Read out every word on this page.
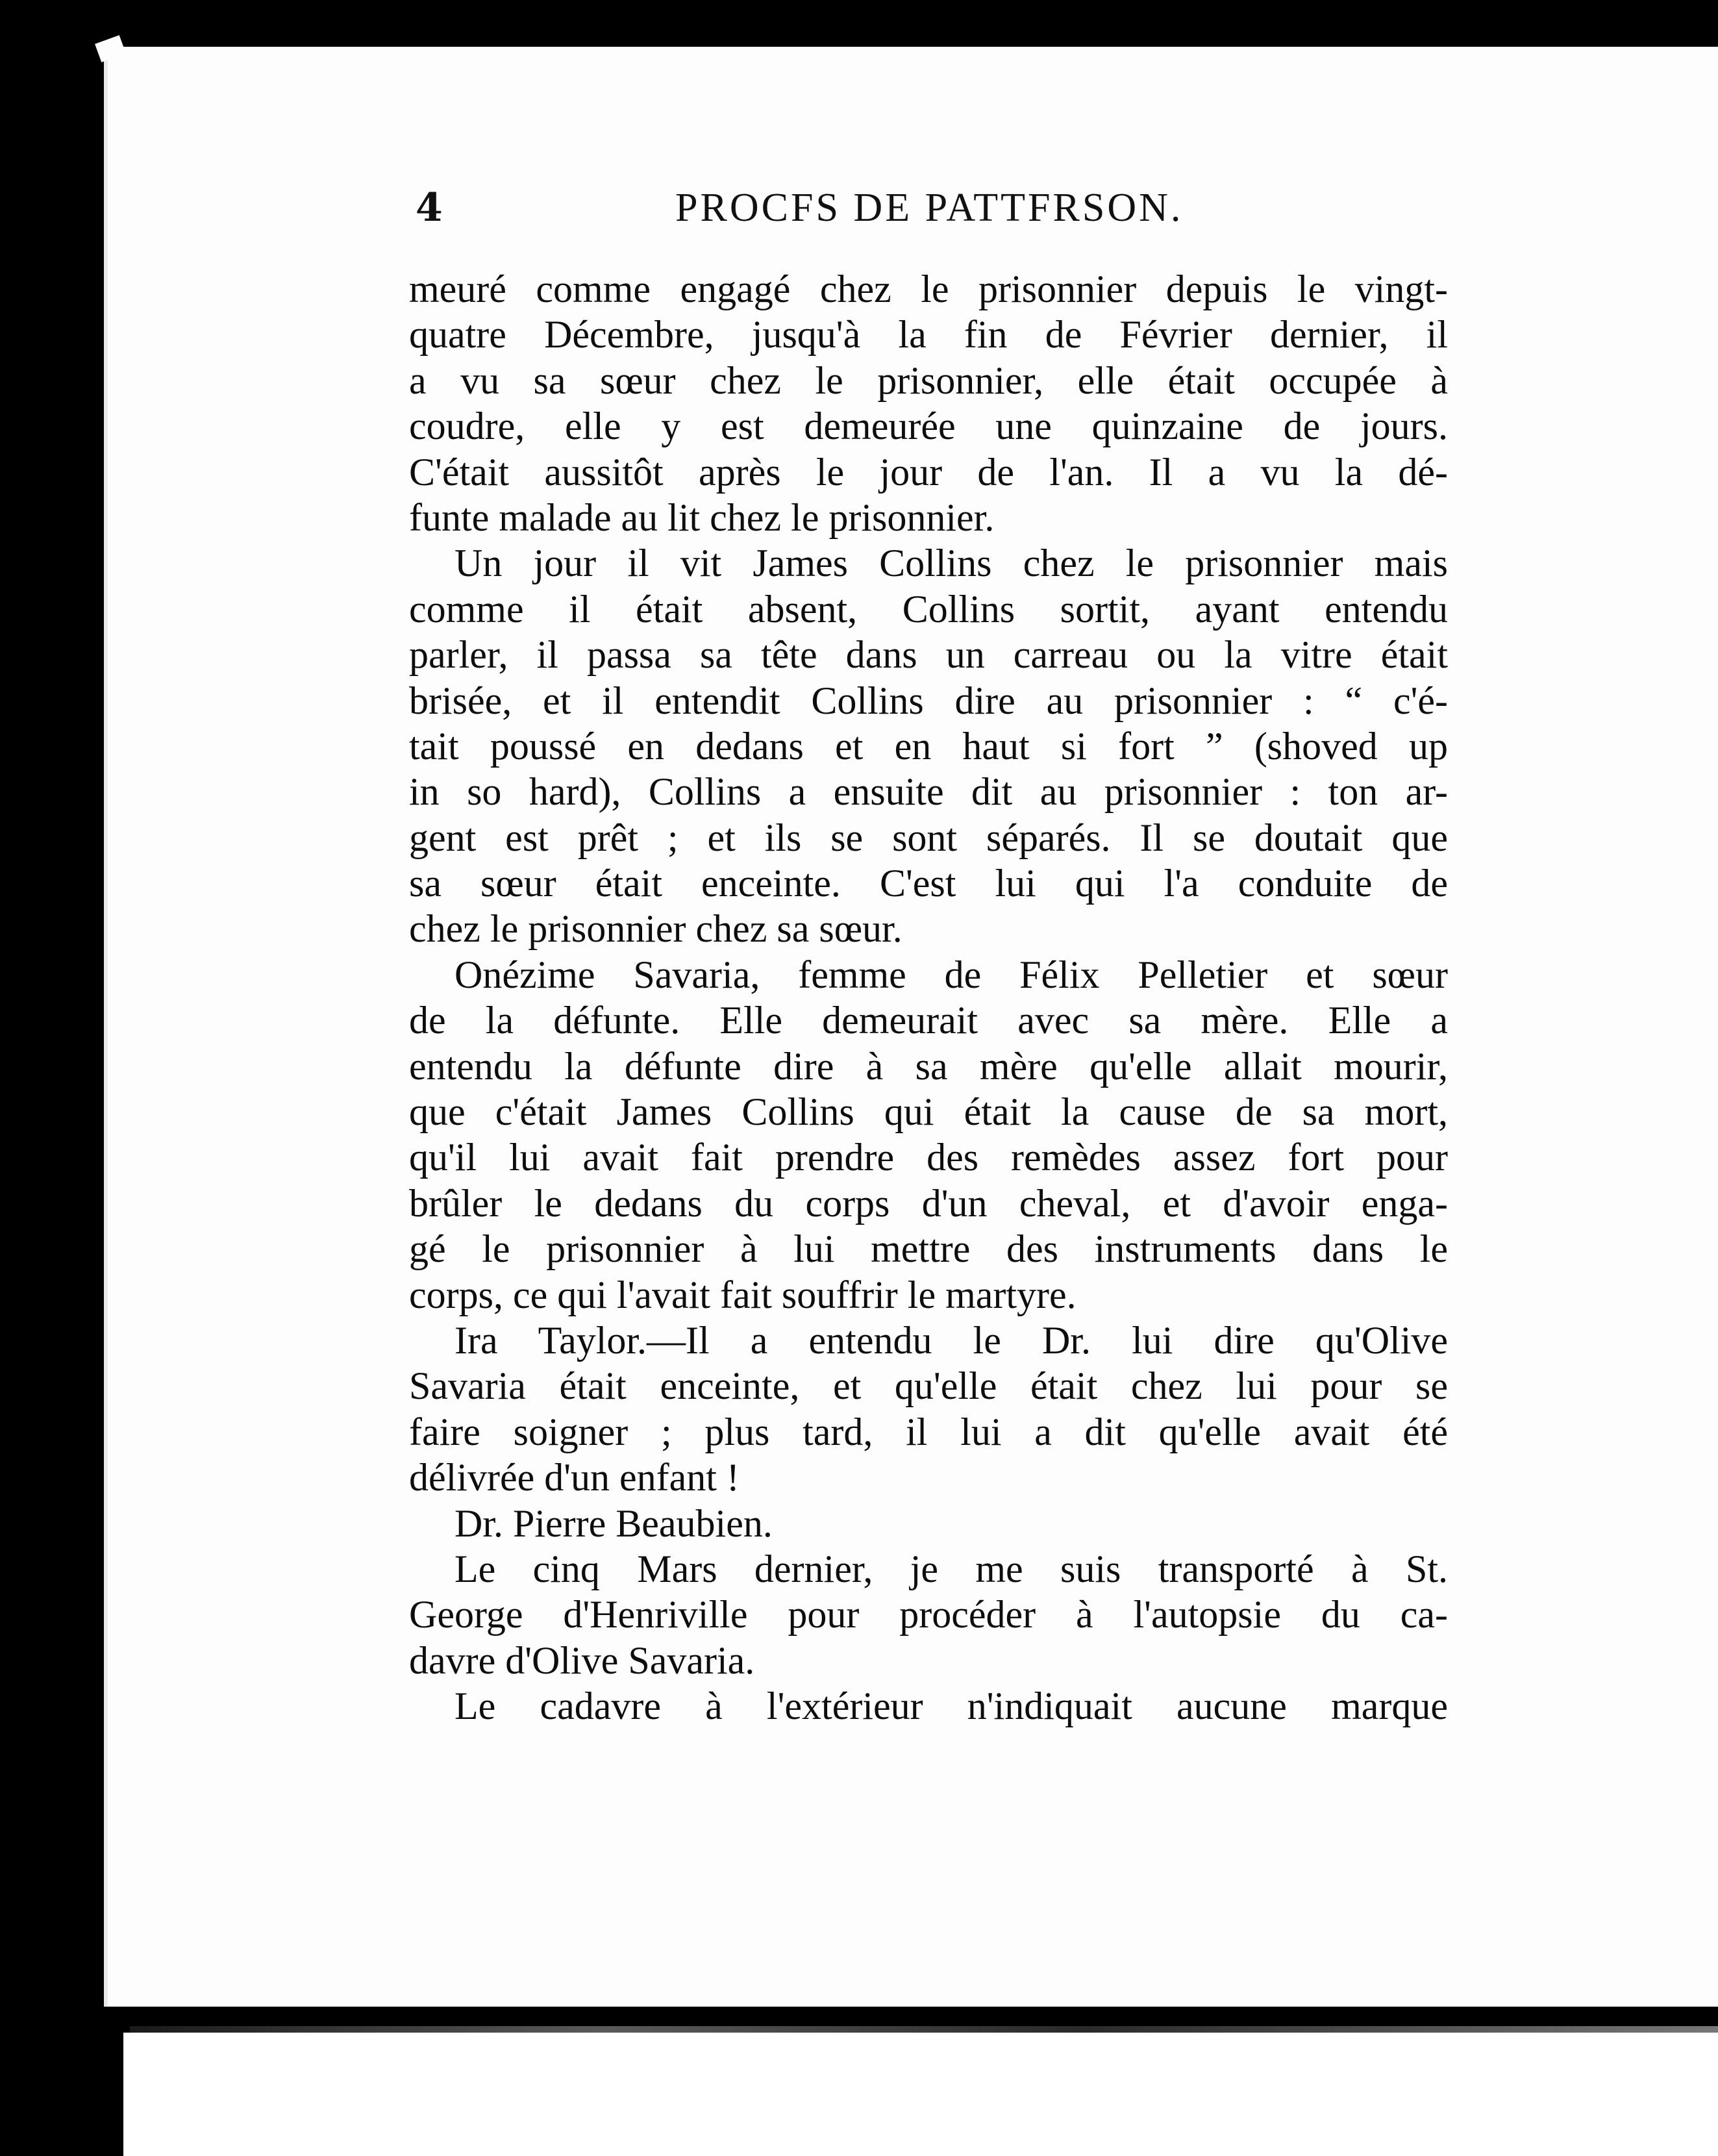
4	PROCFS DE PATTFRSON.
meuré comme engagé chez le prisonnier depuis le vingt-
quatre Décembre, jusqu'à la fin de Février dernier, il
a vu sa sœur chez le prisonnier, elle était occupée à
coudre, elle y est demeurée une quinzaine de jours.
C'était aussitôt après le jour de l'an. Il a vu la dé-
funte malade au lit chez le prisonnier.
Un jour il vit James Collins chez le prisonnier mais
comme il était absent, Collins sortit, ayant entendu
parler, il passa sa tête dans un carreau ou la vitre était
brisée, et il entendit Collins dire au prisonnier : “ c'é-
tait poussé en dedans et en haut si fort ” (shoved up
in so hard), Collins a ensuite dit au prisonnier : ton ar-
gent est prêt ; et ils se sont séparés. Il se doutait que
sa sœur était enceinte. C'est lui qui l'a conduite de
chez le prisonnier chez sa sœur.
Onézime Savaria, femme de Félix Pelletier et sœur
de la défunte. Elle demeurait avec sa mère. Elle a
entendu la défunte dire à sa mère qu'elle allait mourir,
que c'était James Collins qui était la cause de sa mort,
qu'il lui avait fait prendre des remèdes assez fort pour
brûler le dedans du corps d'un cheval, et d'avoir enga-
gé le prisonnier à lui mettre des instruments dans le
corps, ce qui l'avait fait souffrir le martyre.
Ira Taylor.—Il a entendu le Dr. lui dire qu'Olive
Savaria était enceinte, et qu'elle était chez lui pour se
faire soigner ; plus tard, il lui a dit qu'elle avait été
délivrée d'un enfant !
Dr. Pierre Beaubien.
Le cinq Mars dernier, je me suis transporté à St.
George d'Henriville pour procéder à l'autopsie du ca-
davre d'Olive Savaria.
Le cadavre à l'extérieur n'indiquait aucune marque
